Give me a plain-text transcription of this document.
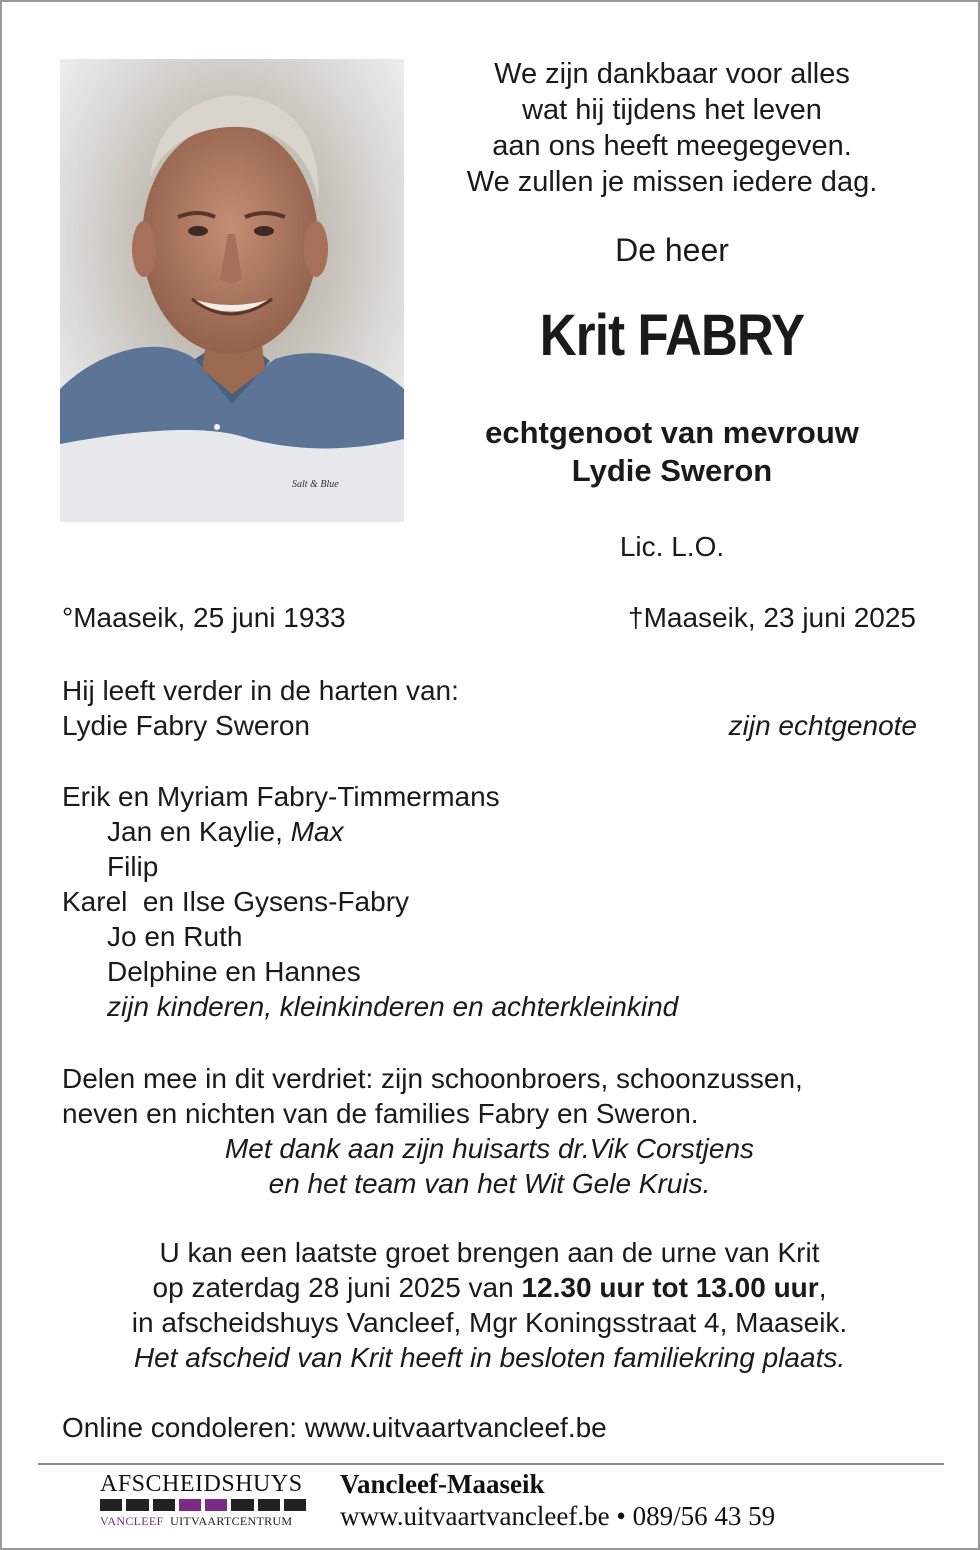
Salt & Blue
We zijn dankbaar voor alles
wat hij tijdens het leven
aan ons heeft meegegeven.
We zullen je missen iedere dag.
De heer
Krit FABRY
echtgenoot van mevrouw
Lydie Sweron
Lic. L.O.
°Maaseik, 25 juni 1933	†Maaseik, 23 juni 2025
Hij leeft verder in de harten van:
Lydie Fabry Sweron	zijn echtgenote
Erik en Myriam Fabry-Timmermans
Jan en Kaylie, Max
Filip
Karel  en Ilse Gysens-Fabry
Jo en Ruth
Delphine en Hannes
zijn kinderen, kleinkinderen en achterkleinkind
Delen mee in dit verdriet: zijn schoonbroers, schoonzussen,
neven en nichten van de families Fabry en Sweron.
Met dank aan zijn huisarts dr.Vik Corstjens
en het team van het Wit Gele Kruis.
U kan een laatste groet brengen aan de urne van Krit
op zaterdag 28 juni 2025 van 12.30 uur tot 13.00 uur,
in afscheidshuys Vancleef, Mgr Koningsstraat 4, Maaseik.
Het afscheid van Krit heeft in besloten familiekring plaats.
Online condoleren: www.uitvaartvancleef.be
AFSCHEIDSHUYS
VANCLEEF UITVAARTCENTRUM
Vancleef-Maaseik
www.uitvaartvancleef.be • 089/56 43 59
